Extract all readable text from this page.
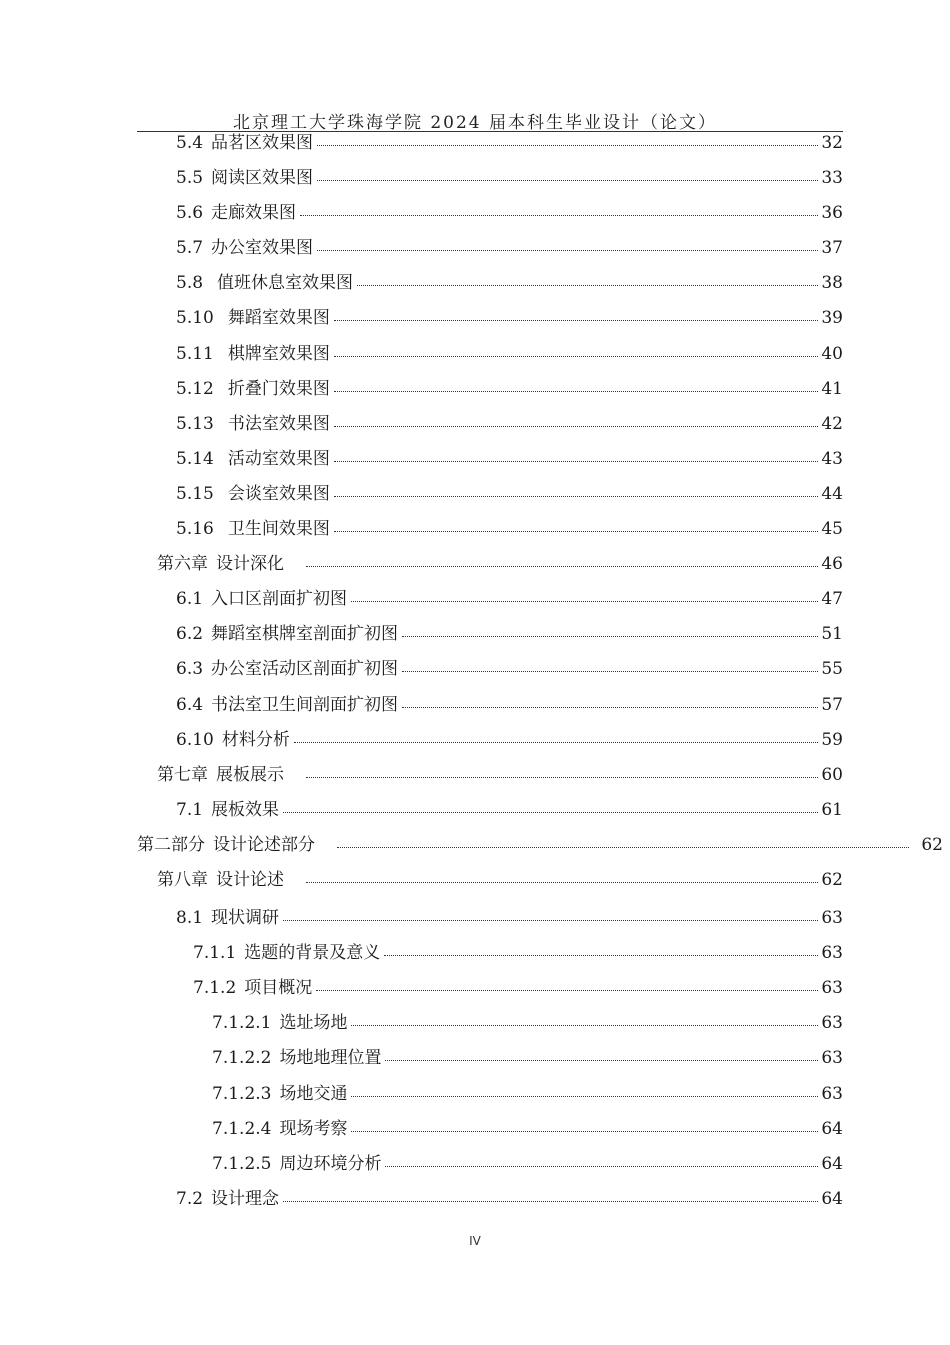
北京理工大学珠海学院 2024 届本科生毕业设计（论文）
5.4 品茗区效果图	32
5.5 阅读区效果图	33
5.6 走廊效果图	36
5.7 办公室效果图	37
5.8 值班休息室效果图	38
5.10 舞蹈室效果图	39
5.11 棋牌室效果图	40
5.12 折叠门效果图	41
5.13 书法室效果图	42
5.14 活动室效果图	43
5.15 会谈室效果图	44
5.16 卫生间效果图	45
第六章 设计深化	46
6.1 入口区剖面扩初图	47
6.2 舞蹈室棋牌室剖面扩初图	51
6.3 办公室活动区剖面扩初图	55
6.4 书法室卫生间剖面扩初图	57
6.10 材料分析	59
第七章 展板展示	60
7.1 展板效果	61
第二部分 设计论述部分	62
第八章 设计论述	62
8.1 现状调研	63
7.1.1 选题的背景及意义	63
7.1.2 项目概况	63
7.1.2.1 选址场地	63
7.1.2.2 场地地理位置	63
7.1.2.3 场地交通	63
7.1.2.4 现场考察	64
7.1.2.5 周边环境分析	64
7.2 设计理念	64
IV
